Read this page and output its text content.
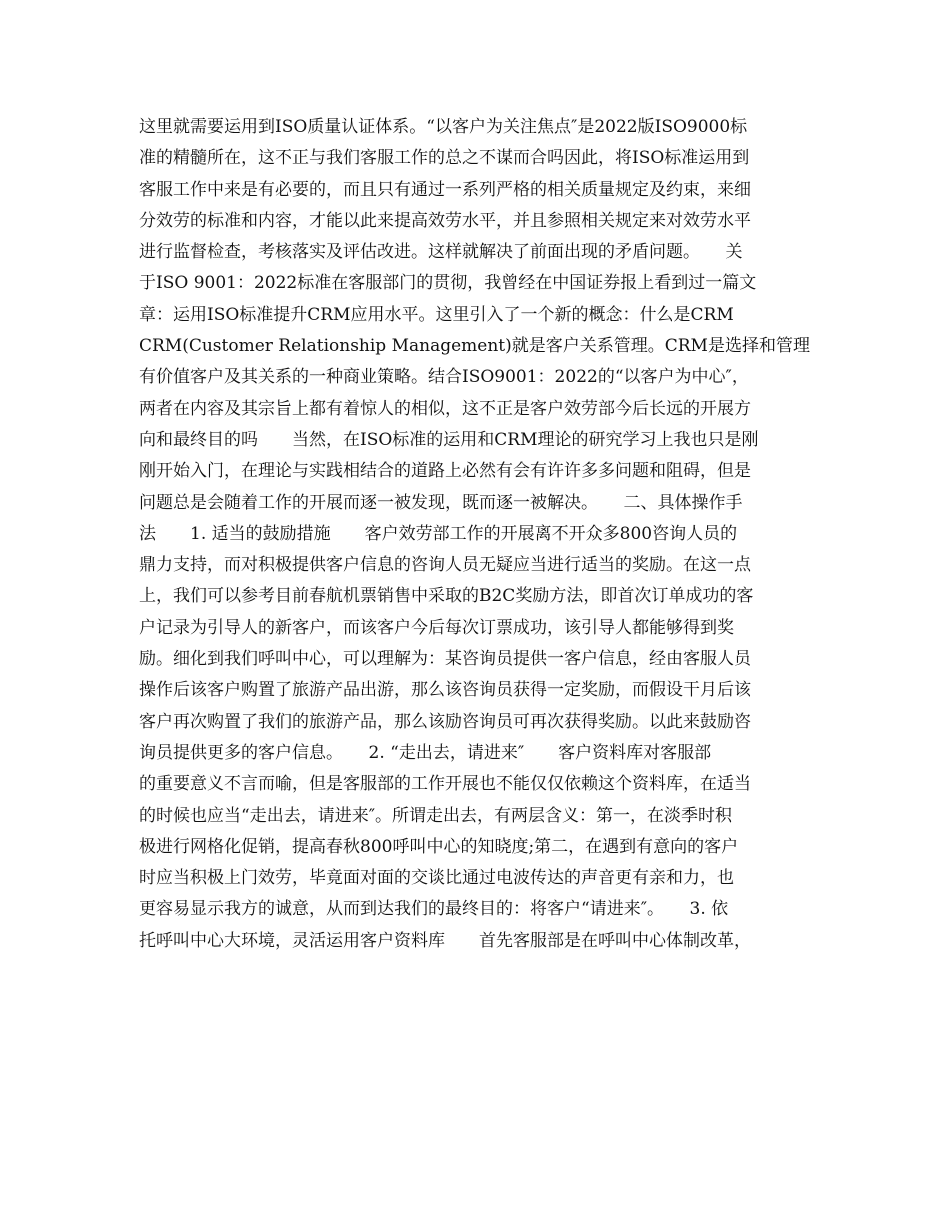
这里就需要运用到ISO质量认证体系。“以客户为关注焦点″是2022版ISO9000标
准的精髓所在，这不正与我们客服工作的总之不谋而合吗因此，将ISO标准运用到
客服工作中来是有必要的，而且只有通过一系列严格的相关质量规定及约束，来细
分效劳的标准和内容，才能以此来提高效劳水平，并且参照相关规定来对效劳水平
进行监督检查，考核落实及评估改进。这样就解决了前面出现的矛盾问题。　　关
于ISO 9001：2022标准在客服部门的贯彻，我曾经在中国证券报上看到过一篇文
章：运用ISO标准提升CRM应用水平。这里引入了一个新的概念：什么是CRM
CRM(Customer Relationship Management)就是客户关系管理。CRM是选择和管理
有价值客户及其关系的一种商业策略。结合ISO9001：2022的“以客户为中心″，
两者在内容及其宗旨上都有着惊人的相似，这不正是客户效劳部今后长远的开展方
向和最终目的吗　　当然，在ISO标准的运用和CRM理论的研究学习上我也只是刚
刚开始入门，在理论与实践相结合的道路上必然有会有许许多多问题和阻碍，但是
问题总是会随着工作的开展而逐一被发现，既而逐一被解决。　　二、具体操作手
法　　1. 适当的鼓励措施　　客户效劳部工作的开展离不开众多800咨询人员的
鼎力支持，而对积极提供客户信息的咨询人员无疑应当进行适当的奖励。在这一点
上，我们可以参考目前春航机票销售中采取的B2C奖励方法，即首次订单成功的客
户记录为引导人的新客户，而该客户今后每次订票成功，该引导人都能够得到奖
励。细化到我们呼叫中心，可以理解为：某咨询员提供一客户信息，经由客服人员
操作后该客户购置了旅游产品出游，那么该咨询员获得一定奖励，而假设干月后该
客户再次购置了我们的旅游产品，那么该励咨询员可再次获得奖励。以此来鼓励咨
询员提供更多的客户信息。　　2. “走出去，请进来″　　客户资料库对客服部
的重要意义不言而喻，但是客服部的工作开展也不能仅仅依赖这个资料库，在适当
的时候也应当“走出去，请进来″。所谓走出去，有两层含义：第一，在淡季时积
极进行网格化促销，提高春秋800呼叫中心的知晓度;第二，在遇到有意向的客户
时应当积极上门效劳，毕竟面对面的交谈比通过电波传达的声音更有亲和力，也
更容易显示我方的诚意，从而到达我们的最终目的：将客户“请进来″。　　3. 依
托呼叫中心大环境，灵活运用客户资料库　　首先客服部是在呼叫中心体制改革，
